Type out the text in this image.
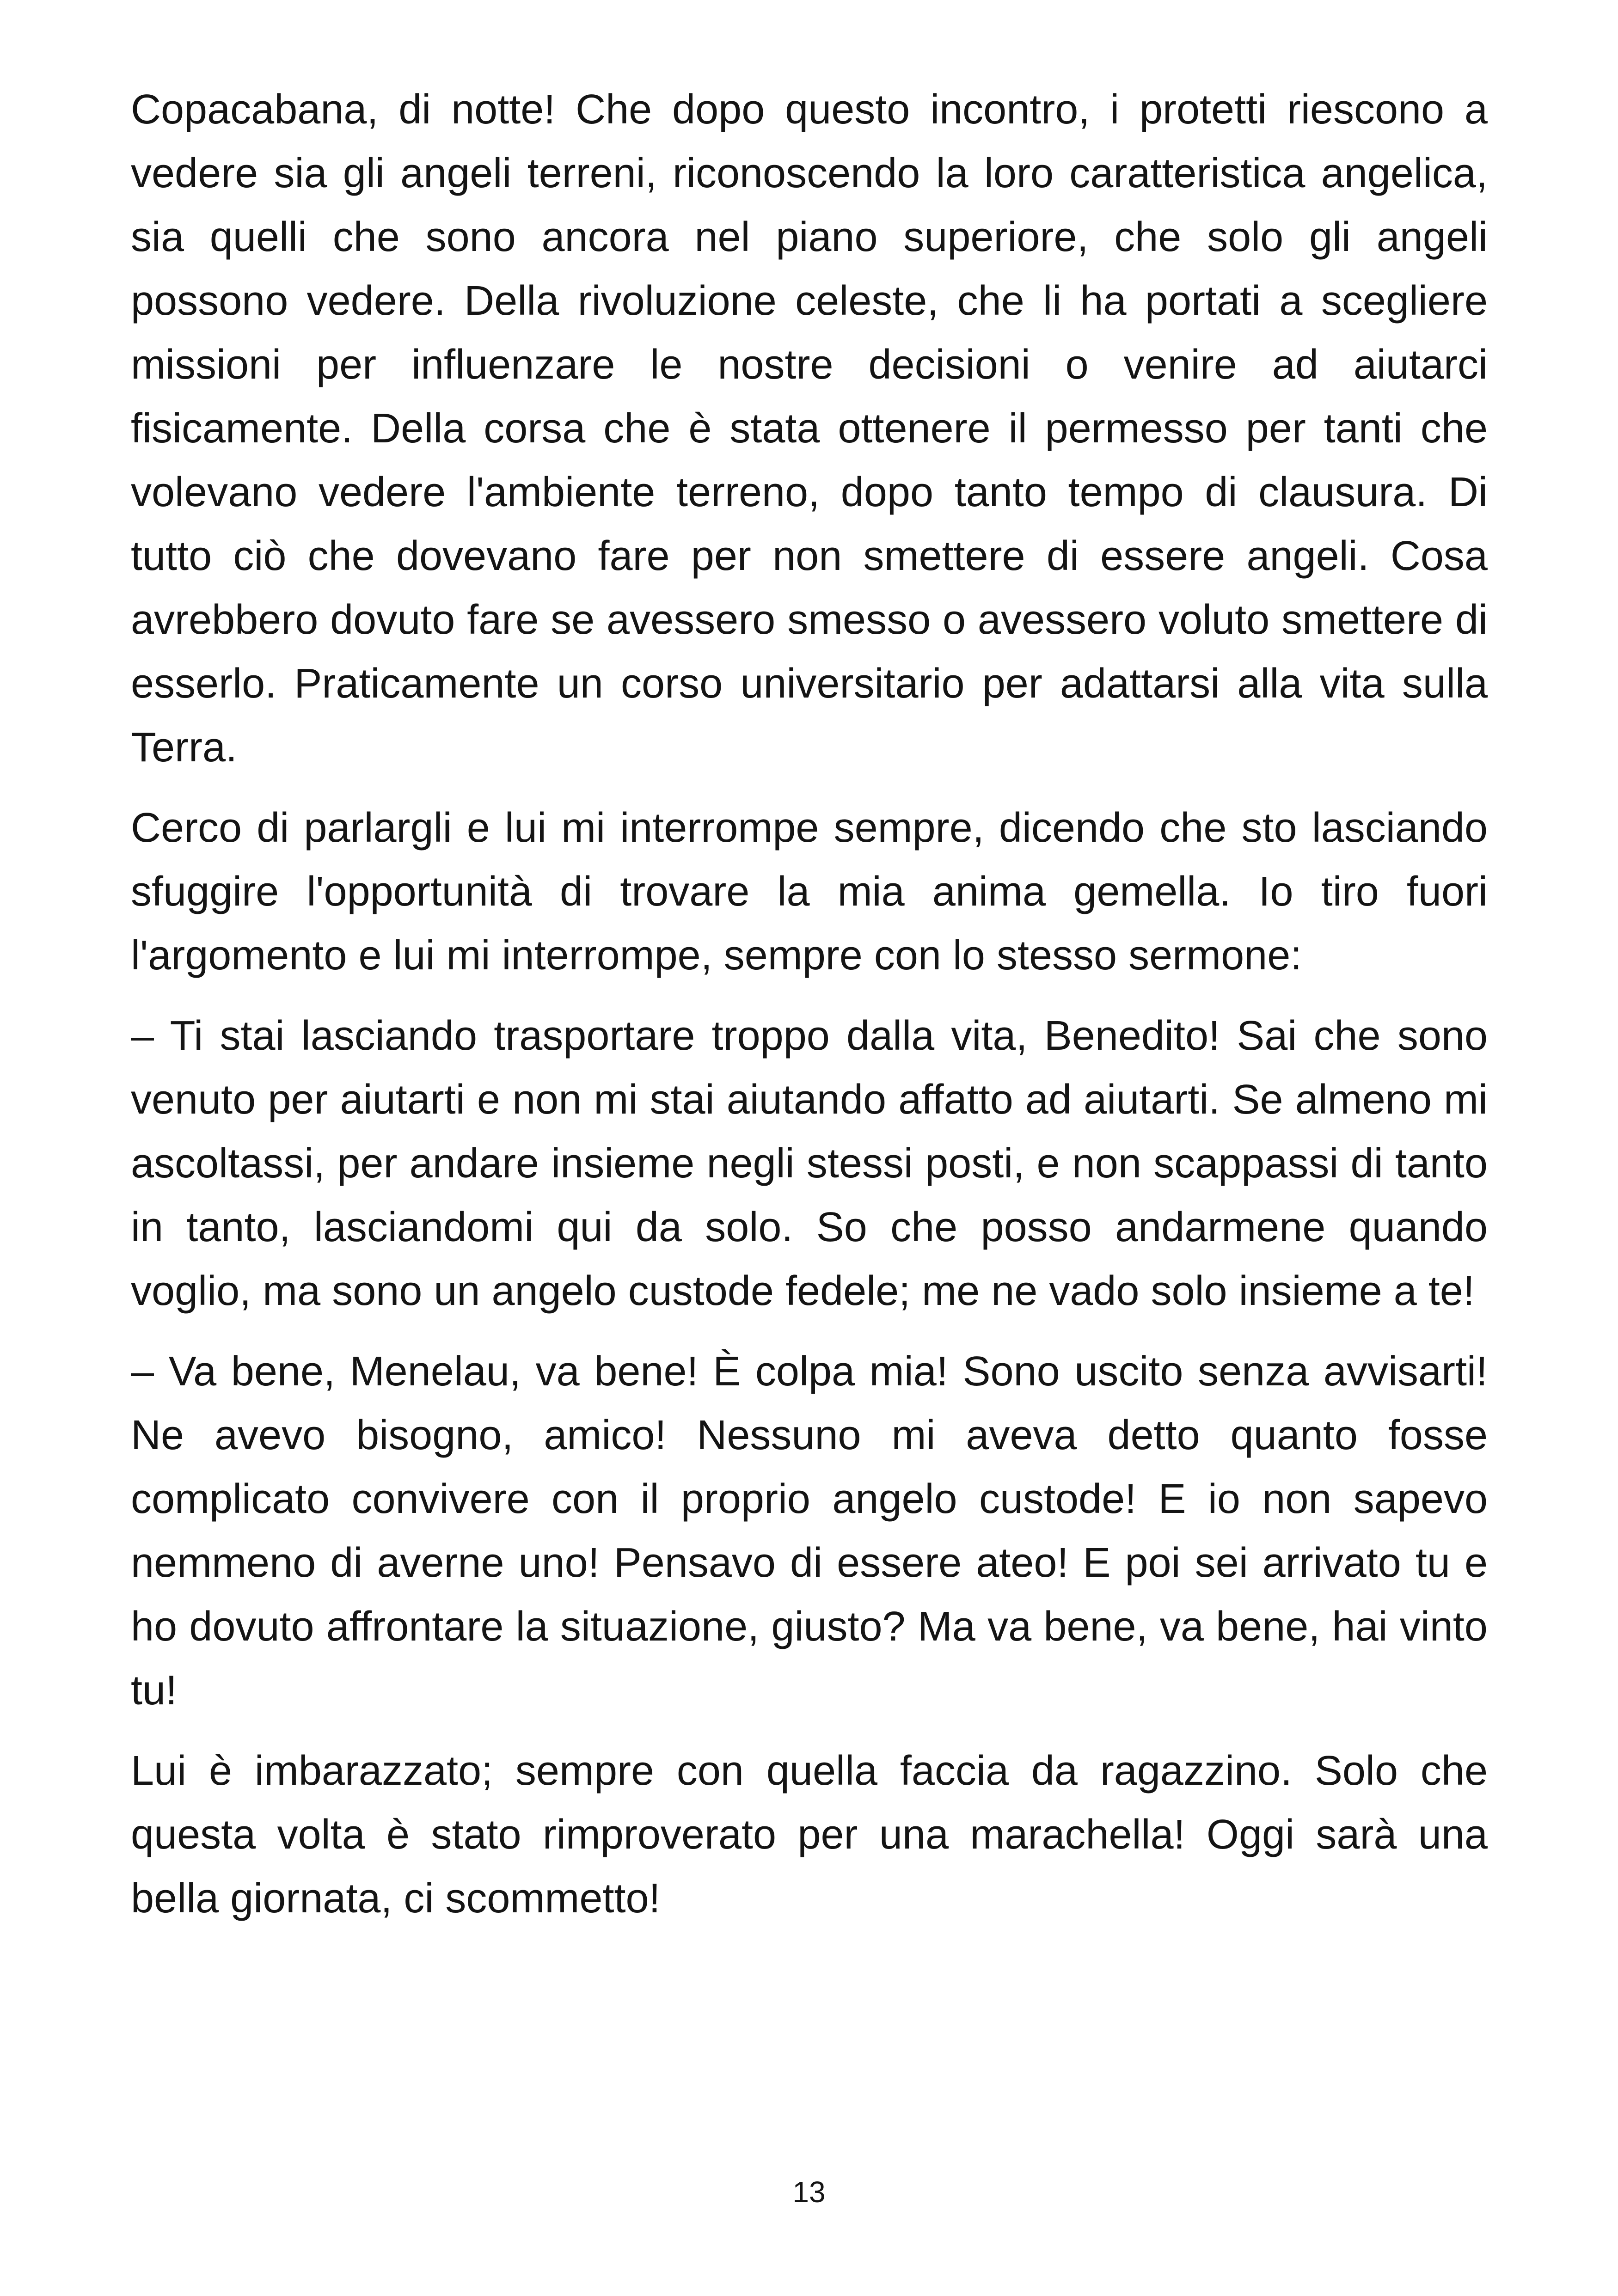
Copacabana, di notte! Che dopo questo incontro, i protetti riescono a vedere sia gli angeli terreni, riconoscendo la loro caratteristica angelica, sia quelli che sono ancora nel piano superiore, che solo gli angeli possono vedere. Della rivoluzione celeste, che li ha portati a scegliere missioni per influenzare le nostre decisioni o venire ad aiutarci fisicamente. Della corsa che è stata ottenere il permesso per tanti che volevano vedere l'ambiente terreno, dopo tanto tempo di clausura. Di tutto ciò che dovevano fare per non smettere di essere angeli. Cosa avrebbero dovuto fare se avessero smesso o avessero voluto smettere di esserlo. Praticamente un corso universitario per adattarsi alla vita sulla Terra.

Cerco di parlargli e lui mi interrompe sempre, dicendo che sto lasciando sfuggire l'opportunità di trovare la mia anima gemella. Io tiro fuori l'argomento e lui mi interrompe, sempre con lo stesso sermone:

– Ti stai lasciando trasportare troppo dalla vita, Benedito! Sai che sono venuto per aiutarti e non mi stai aiutando affatto ad aiutarti. Se almeno mi ascoltassi, per andare insieme negli stessi posti, e non scappassi di tanto in tanto, lasciandomi qui da solo. So che posso andarmene quando voglio, ma sono un angelo custode fedele; me ne vado solo insieme a te!

– Va bene, Menelau, va bene! È colpa mia! Sono uscito senza avvisarti! Ne avevo bisogno, amico! Nessuno mi aveva detto quanto fosse complicato convivere con il proprio angelo custode! E io non sapevo nemmeno di averne uno! Pensavo di essere ateo! E poi sei arrivato tu e ho dovuto affrontare la situazione, giusto? Ma va bene, va bene, hai vinto tu!

Lui è imbarazzato; sempre con quella faccia da ragazzino. Solo che questa volta è stato rimproverato per una marachella! Oggi sarà una bella giornata, ci scommetto!

13
